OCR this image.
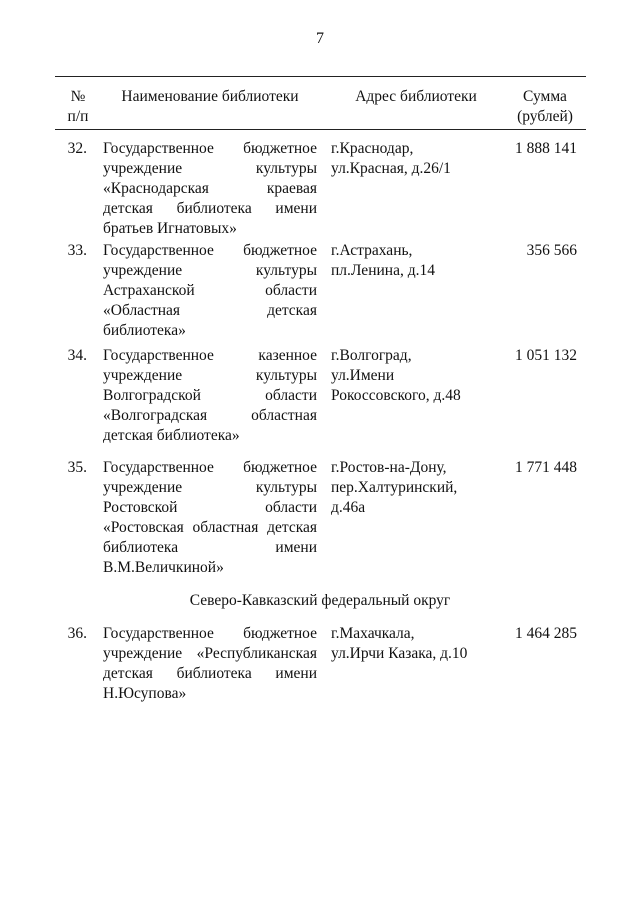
7
№
п/п
Наименование библиотеки	Адрес библиотеки	Сумма
(рублей)
32. Государственное бюджетное
учреждение культуры
«Краснодарская краевая
детская библиотека имени
братьев Игнатовых»
г.Краснодар,
ул.Красная, д.26/1
1 888 141
33. Государственное бюджетное
учреждение культуры
Астраханской области
«Областная детская
библиотека»
г.Астрахань,
пл.Ленина, д.14
356 566
34. Государственное казенное
учреждение культуры
Волгоградской области
«Волгоградская областная
детская библиотека»
г.Волгоград,
ул.Имени
Рокоссовского, д.48
1 051 132
35. Государственное бюджетное
учреждение культуры
Ростовской области
«Ростовская областная детская
библиотека имени
В.М.Величкиной»
г.Ростов-на-Дону,
пер.Халтуринский,
д.46а
1 771 448
Северо-Кавказский федеральный округ
36. Государственное бюджетное
учреждение «Республиканская
детская библиотека имени
Н.Юсупова»
г.Махачкала,
ул.Ирчи Казака, д.10
1 464 285
